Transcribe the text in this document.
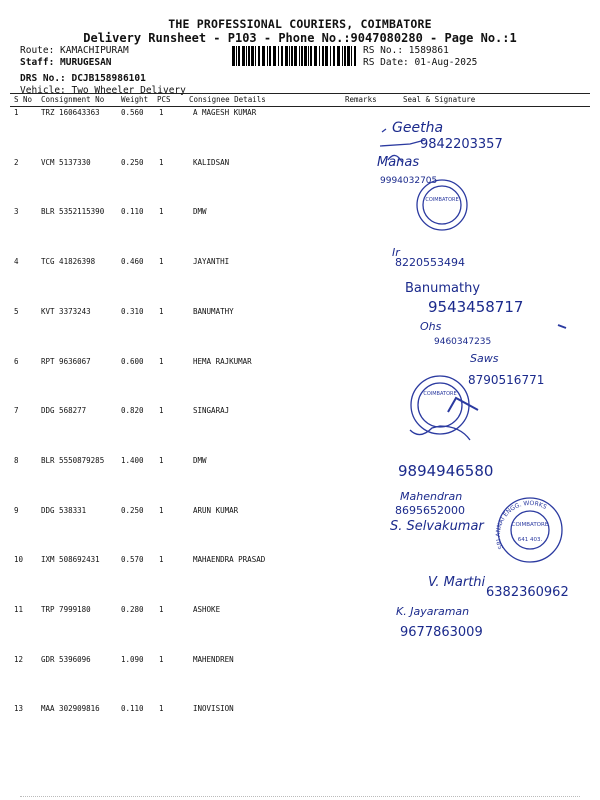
THE PROFESSIONAL COURIERS, COIMBATORE
Delivery Runsheet - P103 - Phone No.:9047080280 - Page No.:1
Route: KAMACHIPURAM
Staff: MURUGESAN
DRS No.: DCJB158986101
Vehicle: Two Wheeler Delivery
RS No.: 1589861
RS Date: 01-Aug-2025
S No Consignment No Weight PCS Consignee Details	Remarks	Seal & Signature
1	TRZ 160643363	0.560 1	A MAGESH KUMAR
2	VCM 5137330	0.250 1	KALIDSAN
3	BLR 5352115390 0.110 1	DMW
4	TCG 41826398	0.460 1	JAYANTHI
5	KVT 3373243	0.310 1	BANUMATHY
6	RPT 9636067	0.600 1	HEMA RAJKUMAR
7	DDG 568277	0.820 1	SINGARAJ
8	BLR 5550879285 1.400 1	DMW
9	DDG 538331	0.250 1	ARUN KUMAR
10 IXM 508692431	0.570 1	MAHAENDRA PRASAD
11 TRP 7999180	0.280 1	ASHOKE
12 GDR 5396096	1.090 1	MAHENDREN
13 MAA 302909816	0.110 1	INOVISION
Geetha
9842203357
Manas
9994032705
Ir
8220553494
Banumathy
9543458717
Ohs
9460347235
Saws
8790516771
9894946580
Mahendran
8695652000
S. Selvakumar
V. Marthi
6382360962
K. Jayaraman
9677863009
COIMBATORE
COIMBATORE
COIMBATORE
641 403.
SRI ANNAI ENGG. WORKS
